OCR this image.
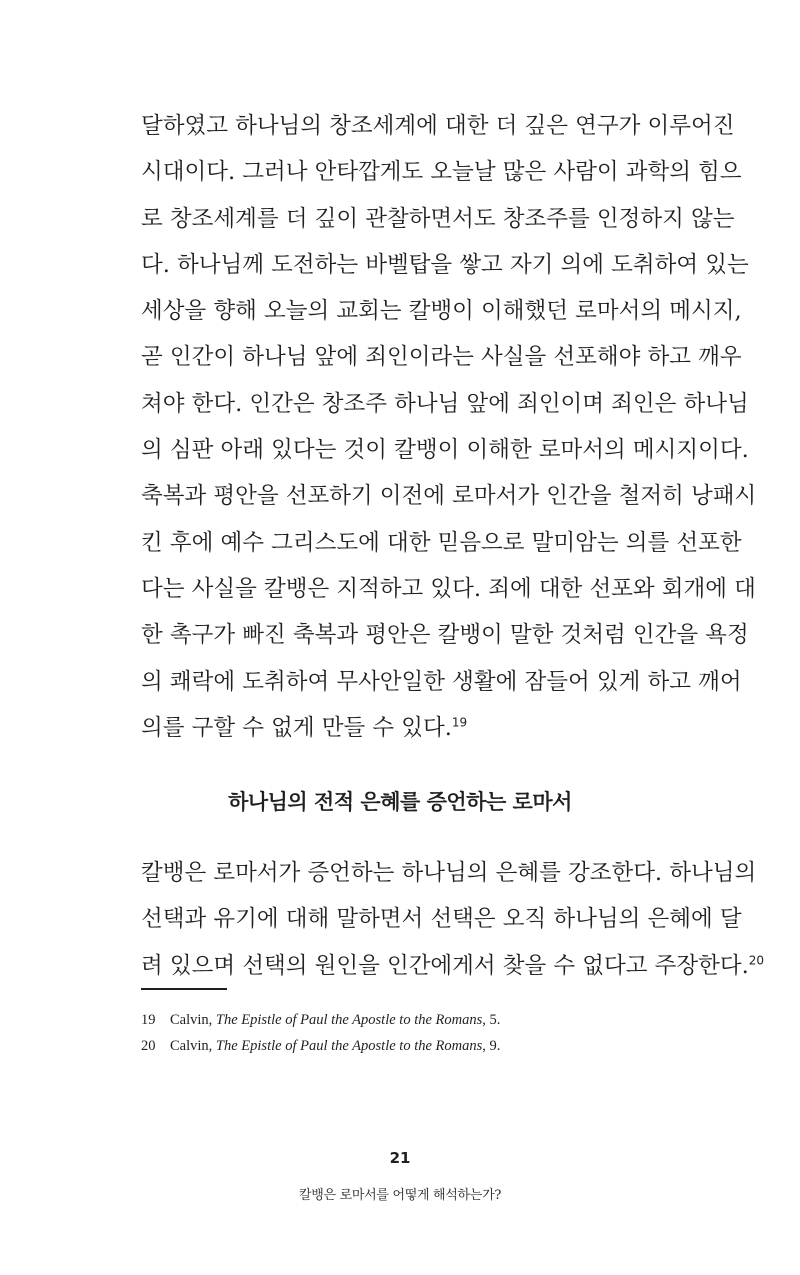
달하였고 하나님의 창조세계에 대한 더 깊은 연구가 이루어진
시대이다. 그러나 안타깝게도 오늘날 많은 사람이 과학의 힘으
로 창조세계를 더 깊이 관찰하면서도 창조주를 인정하지 않는
다. 하나님께 도전하는 바벨탑을 쌓고 자기 의에 도취하여 있는
세상을 향해 오늘의 교회는 칼뱅이 이해했던 로마서의 메시지,
곧 인간이 하나님 앞에 죄인이라는 사실을 선포해야 하고 깨우
쳐야 한다. 인간은 창조주 하나님 앞에 죄인이며 죄인은 하나님
의 심판 아래 있다는 것이 칼뱅이 이해한 로마서의 메시지이다.
축복과 평안을 선포하기 이전에 로마서가 인간을 철저히 낭패시
킨 후에 예수 그리스도에 대한 믿음으로 말미암는 의를 선포한
다는 사실을 칼뱅은 지적하고 있다. 죄에 대한 선포와 회개에 대
한 촉구가 빠진 축복과 평안은 칼뱅이 말한 것처럼 인간을 욕정
의 쾌락에 도취하여 무사안일한 생활에 잠들어 있게 하고 깨어
의를 구할 수 없게 만들 수 있다.$^{19}$
하나님의 전적 은혜를 증언하는 로마서
칼뱅은 로마서가 증언하는 하나님의 은혜를 강조한다. 하나님의
선택과 유기에 대해 말하면서 선택은 오직 하나님의 은혜에 달
려 있으며 선택의 원인을 인간에게서 찾을 수 없다고 주장한다.$^{20}$
19 Calvin, The Epistle of Paul the Apostle to the Romans, 5.
20 Calvin, The Epistle of Paul the Apostle to the Romans, 9.
21
칼뱅은 로마서를 어떻게 해석하는가?
